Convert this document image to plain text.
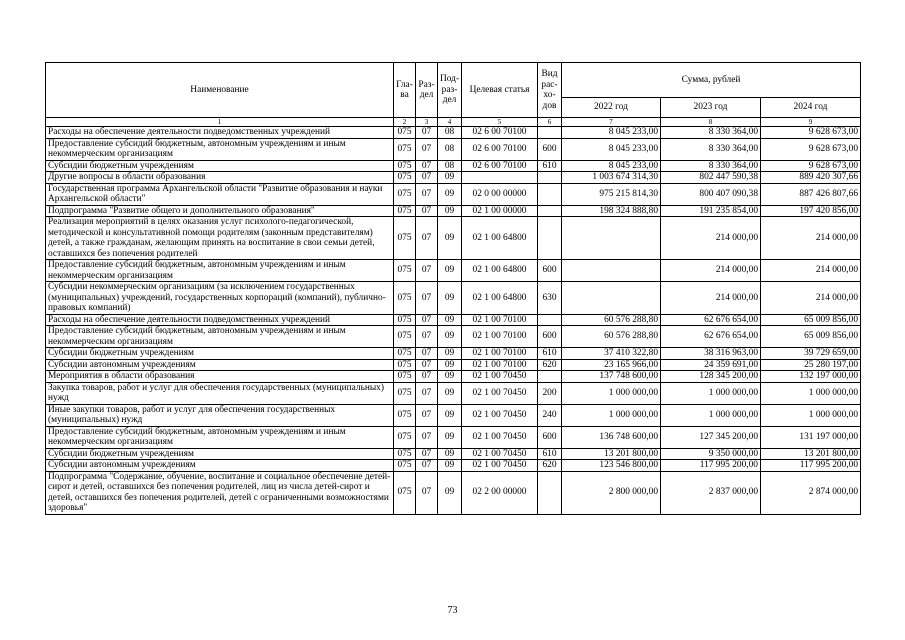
Наименование	Гла-ва	Раз-дел	Под-раз-дел	Целевая статья	Вид рас-хо-дов	Сумма, рублей		
						2022 год	2023 год	2024 год
1	2	3	4	5	6	7	8	9
Расходы на обеспечение деятельности подведомственных учреждений	075	07	08	02 6 00 70100		8 045 233,00	8 330 364,00	9 628 673,00
Предоставление субсидий бюджетным, автономным учреждениям и иным некоммерческим организациям	075	07	08	02 6 00 70100	600	8 045 233,00	8 330 364,00	9 628 673,00
Субсидии бюджетным учреждениям	075	07	08	02 6 00 70100	610	8 045 233,00	8 330 364,00	9 628 673,00
Другие вопросы в области образования	075	07	09			1 003 674 314,30	802 447 590,38	889 420 307,66
Государственная программа Архангельской области "Развитие образования и науки Архангельской области"	075	07	09	02 0 00 00000		975 215 814,30	800 407 090,38	887 426 807,66
Подпрограмма "Развитие общего и дополнительного образования"	075	07	09	02 1 00 00000		198 324 888,80	191 235 854,00	197 420 856,00
Реализация мероприятий в целях оказания услуг психолого-педагогической, методической и консультативной помощи родителям (законным представителям) детей, а также гражданам, желающим принять на воспитание в свои семьи детей, оставшихся без попечения родителей	075	07	09	02 1 00 64800			214 000,00	214 000,00
Предоставление субсидий бюджетным, автономным учреждениям и иным некоммерческим организациям	075	07	09	02 1 00 64800	600		214 000,00	214 000,00
Субсидии некоммерческим организациям (за исключением государственных (муниципальных) учреждений, государственных корпораций (компаний), публично-правовых компаний)	075	07	09	02 1 00 64800	630		214 000,00	214 000,00
Расходы на обеспечение деятельности подведомственных учреждений	075	07	09	02 1 00 70100		60 576 288,80	62 676 654,00	65 009 856,00
Предоставление субсидий бюджетным, автономным учреждениям и иным некоммерческим организациям	075	07	09	02 1 00 70100	600	60 576 288,80	62 676 654,00	65 009 856,00
Субсидии бюджетным учреждениям	075	07	09	02 1 00 70100	610	37 410 322,80	38 316 963,00	39 729 659,00
Субсидии автономным учреждениям	075	07	09	02 1 00 70100	620	23 165 966,00	24 359 691,00	25 280 197,00
Мероприятия в области образования	075	07	09	02 1 00 70450		137 748 600,00	128 345 200,00	132 197 000,00
Закупка товаров, работ и услуг для обеспечения государственных (муниципальных) нужд	075	07	09	02 1 00 70450	200	1 000 000,00	1 000 000,00	1 000 000,00
Иные закупки товаров, работ и услуг для обеспечения государственных (муниципальных) нужд	075	07	09	02 1 00 70450	240	1 000 000,00	1 000 000,00	1 000 000,00
Предоставление субсидий бюджетным, автономным учреждениям и иным некоммерческим организациям	075	07	09	02 1 00 70450	600	136 748 600,00	127 345 200,00	131 197 000,00
Субсидии бюджетным учреждениям	075	07	09	02 1 00 70450	610	13 201 800,00	9 350 000,00	13 201 800,00
Субсидии автономным учреждениям	075	07	09	02 1 00 70450	620	123 546 800,00	117 995 200,00	117 995 200,00
Подпрограмма "Содержание, обучение, воспитание и социальное обеспечение детей-сирот и детей, оставшихся без попечения родителей, лиц из числа детей-сирот и детей, оставшихся без попечения родителей, детей с ограниченными возможностями здоровья"	075	07	09	02 2 00 00000		2 800 000,00	2 837 000,00	2 874 000,00
73
